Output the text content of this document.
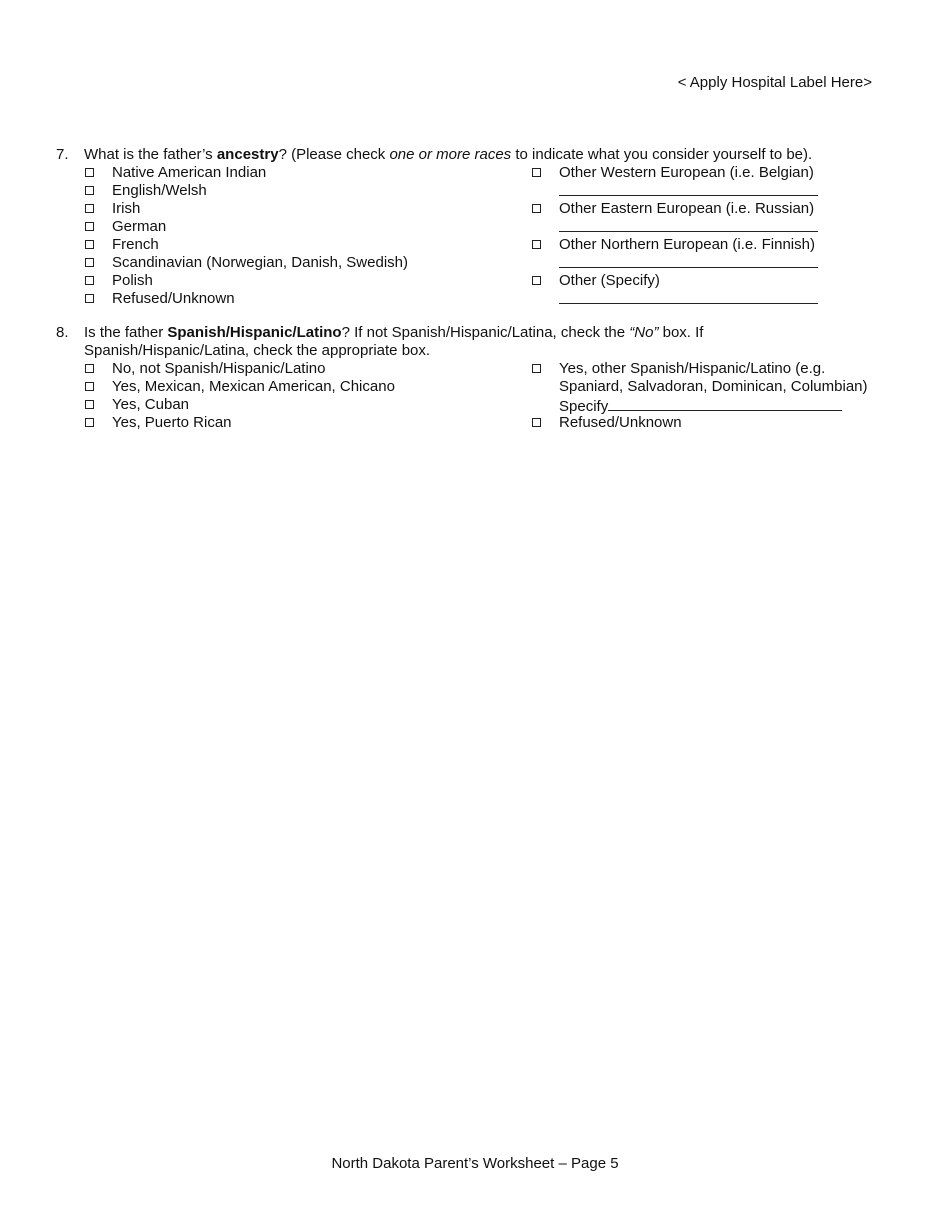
< Apply Hospital Label Here>
7. What is the father’s ancestry? (Please check one or more races to indicate what you consider yourself to be).
Native American Indian
English/Welsh
Irish
German
French
Scandinavian (Norwegian, Danish, Swedish)
Polish
Refused/Unknown
Other Western European (i.e. Belgian)
Other Eastern European (i.e. Russian)
Other Northern European (i.e. Finnish)
Other (Specify)
8. Is the father Spanish/Hispanic/Latino? If not Spanish/Hispanic/Latina, check the “No” box. If
Spanish/Hispanic/Latina, check the appropriate box.
No, not Spanish/Hispanic/Latino
Yes, Mexican, Mexican American, Chicano
Yes, Cuban
Yes, Puerto Rican
Yes, other Spanish/Hispanic/Latino (e.g.
Spaniard, Salvadoran, Dominican, Columbian)
Specify
Refused/Unknown
North Dakota Parent’s Worksheet – Page 5
